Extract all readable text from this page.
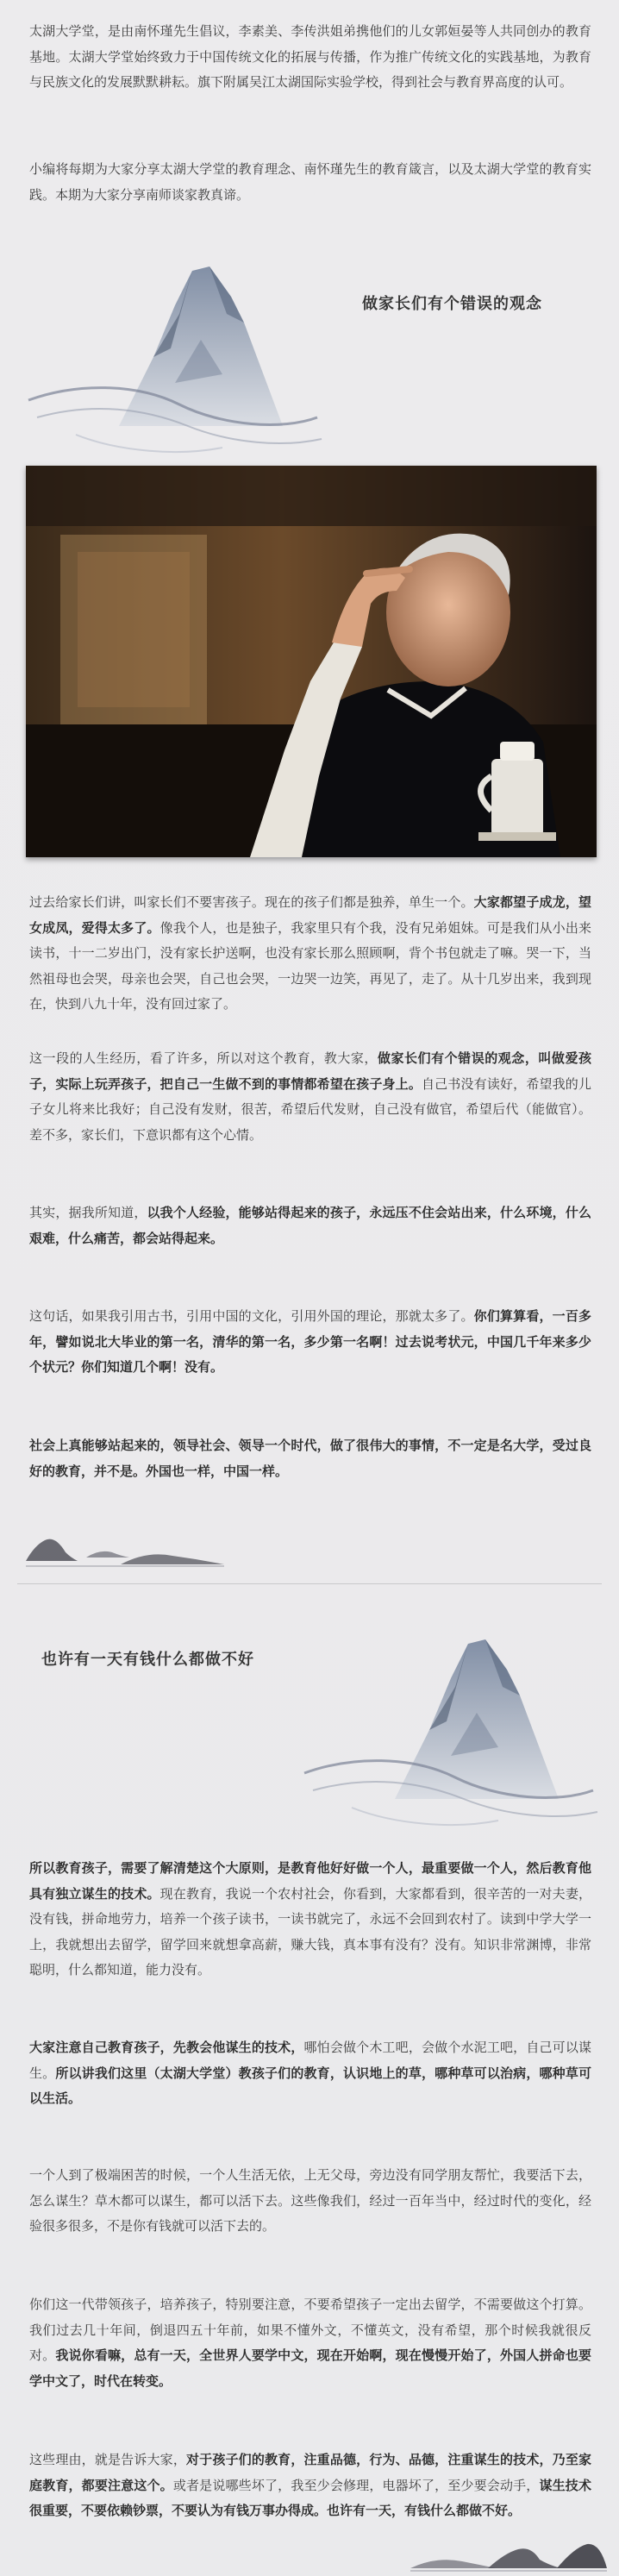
太湖大学堂，是由南怀瑾先生倡议，李素美、李传洪姐弟携他们的儿女郭姮晏等人共同创办的教育基地。太湖大学堂始终致力于中国传统文化的拓展与传播，作为推广传统文化的实践基地，为教育与民族文化的发展默默耕耘。旗下附属吴江太湖国际实验学校，得到社会与教育界高度的认可。

小编将每期为大家分享太湖大学堂的教育理念、南怀瑾先生的教育箴言，以及太湖大学堂的教育实践。本期为大家分享南师谈家教真谛。

做家长们有个错误的观念

过去给家长们讲，叫家长们不要害孩子。现在的孩子们都是独养，单生一个。大家都望子成龙，望女成凤，爱得太多了。像我个人，也是独子，我家里只有个我，没有兄弟姐妹。可是我们从小出来读书，十一二岁出门，没有家长护送啊，也没有家长那么照顾啊，背个书包就走了嘛。哭一下，当然祖母也会哭，母亲也会哭，自己也会哭，一边哭一边笑，再见了，走了。从十几岁出来，我到现在，快到八九十年，没有回过家了。

这一段的人生经历，看了许多，所以对这个教育，教大家，做家长们有个错误的观念，叫做爱孩子，实际上玩弄孩子，把自己一生做不到的事情都希望在孩子身上。自己书没有读好，希望我的儿子女儿将来比我好；自己没有发财，很苦，希望后代发财，自己没有做官，希望后代（能做官）。差不多，家长们，下意识都有这个心情。

其实，据我所知道，以我个人经验，能够站得起来的孩子，永远压不住会站出来，什么环境，什么艰难，什么痛苦，都会站得起来。

这句话，如果我引用古书，引用中国的文化，引用外国的理论，那就太多了。你们算算看，一百多年，譬如说北大毕业的第一名，清华的第一名，多少第一名啊！过去说考状元，中国几千年来多少个状元？你们知道几个啊！没有。

社会上真能够站起来的，领导社会、领导一个时代，做了很伟大的事情，不一定是名大学，受过良好的教育，并不是。外国也一样，中国一样。

也许有一天有钱什么都做不好

所以教育孩子，需要了解清楚这个大原则，是教育他好好做一个人，最重要做一个人，然后教育他具有独立谋生的技术。现在教育，我说一个农村社会，你看到，大家都看到，很辛苦的一对夫妻，没有钱，拼命地劳力，培养一个孩子读书，一读书就完了，永远不会回到农村了。读到中学大学一上，我就想出去留学，留学回来就想拿高薪，赚大钱，真本事有没有？没有。知识非常渊博，非常聪明，什么都知道，能力没有。

大家注意自己教育孩子，先教会他谋生的技术，哪怕会做个木工吧，会做个水泥工吧，自己可以谋生。所以讲我们这里（太湖大学堂）教孩子们的教育，认识地上的草，哪种草可以治病，哪种草可以生活。

一个人到了极端困苦的时候，一个人生活无依，上无父母，旁边没有同学朋友帮忙，我要活下去，怎么谋生？草木都可以谋生，都可以活下去。这些像我们，经过一百年当中，经过时代的变化，经验很多很多，不是你有钱就可以活下去的。

你们这一代带领孩子，培养孩子，特别要注意，不要希望孩子一定出去留学，不需要做这个打算。我们过去几十年间，倒退四五十年前，如果不懂外文，不懂英文，没有希望，那个时候我就很反对。我说你看嘛，总有一天，全世界人要学中文，现在开始啊，现在慢慢开始了，外国人拼命也要学中文了，时代在转变。

这些理由，就是告诉大家，对于孩子们的教育，注重品德，行为、品德，注重谋生的技术，乃至家庭教育，都要注意这个。或者是说哪些坏了，我至少会修理，电器坏了，至少要会动手，谋生技术很重要，不要依赖钞票，不要认为有钱万事办得成。也许有一天，有钱什么都做不好。
